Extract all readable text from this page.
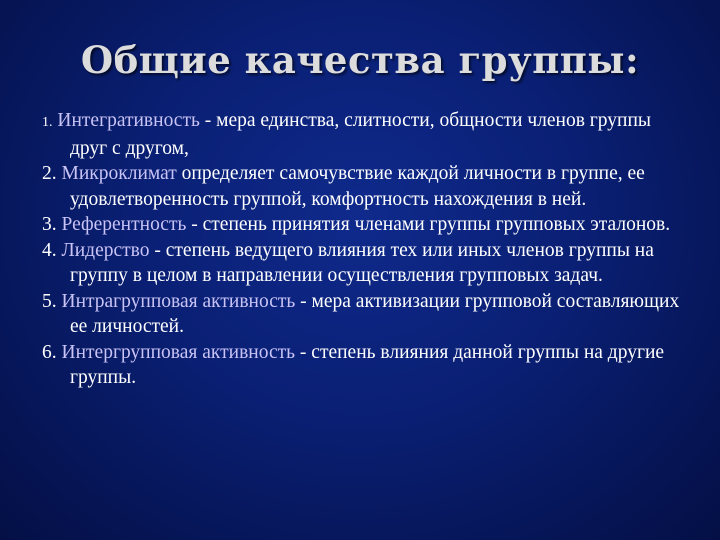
Общие качества группы:
1. Интегративность - мера единства, слитности, общности членов группы друг с другом,
2. Микроклимат определяет самочувствие каждой личности в группе, ее удовлетворенность группой, комфортность нахождения в ней.
3. Референтность - степень принятия членами группы групповых эталонов.
4. Лидерство - степень ведущего влияния тех или иных членов группы на группу в целом в направлении осуществления групповых задач.
5. Интрагрупповая активность - мера активизации групповой составляющих ее личностей.
6. Интергрупповая активность - степень влияния данной группы на другие группы.
